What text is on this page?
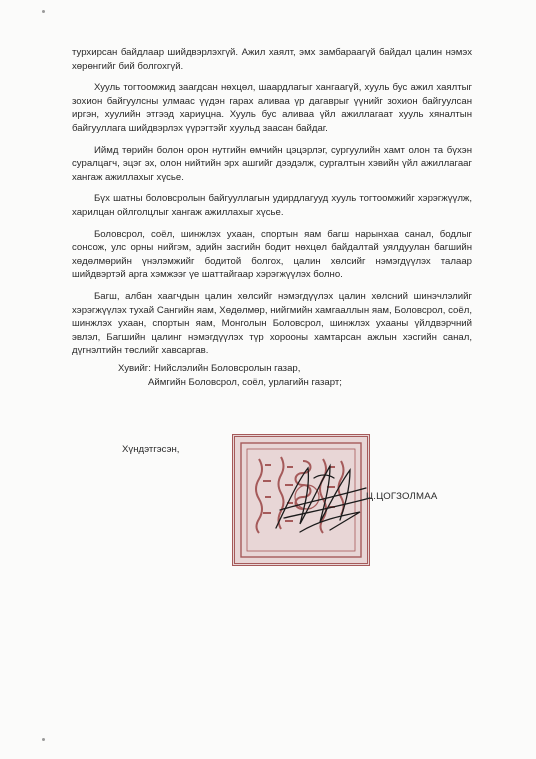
турхирсан байдлаар шийдвэрлэхгүй. Ажил хаялт, эмх замбараагүй байдал цалин нэмэх хөрөнгийг бий болгохгүй.

Хууль тогтоомжид заагдсан нөхцөл, шаардлагыг хангаагүй, хууль бус ажил хаялтыг зохион байгуулсны улмаас үүдэн гарах аливаа үр дагаврыг үүнийг зохион байгуулсан иргэн, хуулийн этгээд хариуцна. Хууль бус аливаа үйл ажиллагаат хууль хяналтын байгууллага шийдвэрлэх үүрэгтэйг хуульд заасан байдаг.

Иймд төрийн болон орон нутгийн өмчийн цэцэрлэг, сургуулийн хамт олон та бүхэн суралцагч, эцэг эх, олон нийтийн эрх ашгийг дээдэлж, сургалтын хэвийн үйл ажиллагааг хангаж ажиллахыг хүсье.

Бүх шатны боловсролын байгууллагын удирдлагууд хууль тогтоомжийг хэрэгжүүлж, харилцан ойлголцлыг хангаж ажиллахыг хүсье.

Боловсрол, соёл, шинжлэх ухаан, спортын яам багш нарынхаа санал, бодлыг сонсож, улс орны нийгэм, эдийн засгийн бодит нөхцөл байдалтай уялдуулан багшийн хөдөлмөрийн үнэлэмжийг бодитой болгох, цалин хөлсийг нэмэгдүүлэх талаар шийдвэртэй арга хэмжээг үе шаттайгаар хэрэгжүүлэх болно.

Багш, албан хаагчдын цалин хөлсийг нэмэгдүүлэх цалин хөлсний шинэчлэлийг хэрэгжүүлэх тухай Сангийн яам, Хөдөлмөр, нийгмийн хамгааллын яам, Боловсрол, соёл, шинжлэх ухаан, спортын яам, Монголын Боловсрол, шинжлэх ухааны үйлдвэрчний эвлэл, Багшийн цалинг нэмэгдүүлэх түр хорооны хамтарсан ажлын хэсгийн санал, дүгнэлтийн төслийг хавсаргав.

Хувийг: Нийслэлийн Боловсролын газар,
Аймгийн Боловсрол, соёл, урлагийн газарт;
Хүндэтгэсэн,
Ц.ЦОГЗОЛМАА
